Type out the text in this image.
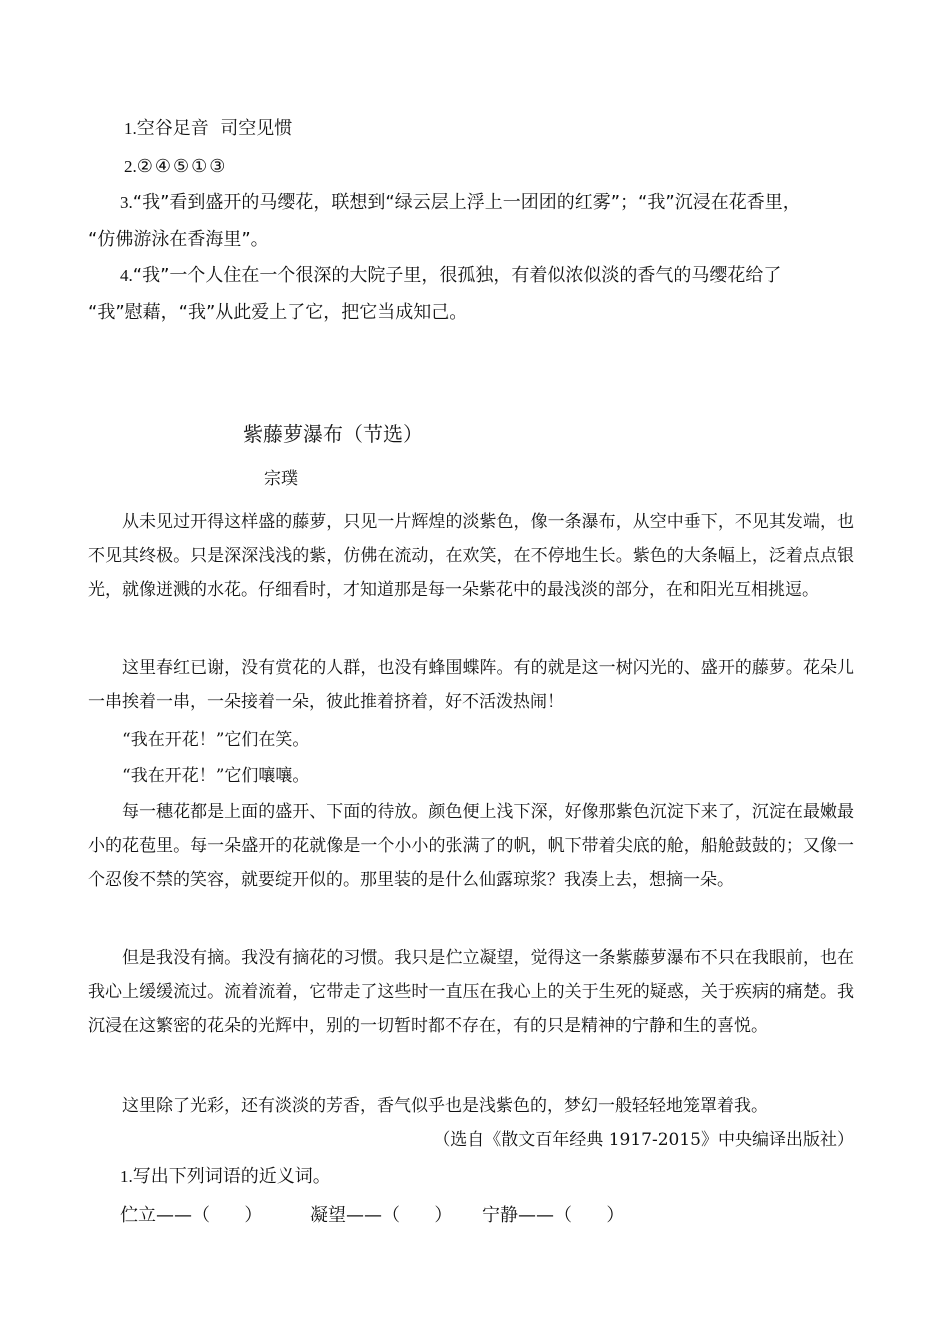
1.空谷足音  司空见惯
2.②④⑤①③
3.“我”看到盛开的马缨花，联想到“绿云层上浮上一团团的红雾”；“我”沉浸在花香里，
“仿佛游泳在香海里”。
4.“我”一个人住在一个很深的大院子里，很孤独，有着似浓似淡的香气的马缨花给了
“我”慰藉，“我”从此爱上了它，把它当成知己。
紫藤萝瀑布（节选）
宗璞

从未见过开得这样盛的藤萝，只见一片辉煌的淡紫色，像一条瀑布，从空中垂下，不见其发端，也不见其终极。只是深深浅浅的紫，仿佛在流动，在欢笑，在不停地生长。紫色的大条幅上，泛着点点银光，就像迸溅的水花。仔细看时，才知道那是每一朵紫花中的最浅淡的部分，在和阳光互相挑逗。

这里春红已谢，没有赏花的人群，也没有蜂围蝶阵。有的就是这一树闪光的、盛开的藤萝。花朵儿一串挨着一串，一朵接着一朵，彼此推着挤着，好不活泼热闹！

“我在开花！”它们在笑。

“我在开花！”它们嚷嚷。

每一穗花都是上面的盛开、下面的待放。颜色便上浅下深，好像那紫色沉淀下来了，沉淀在最嫩最小的花苞里。每一朵盛开的花就像是一个小小的张满了的帆，帆下带着尖底的舱，船舱鼓鼓的；又像一个忍俊不禁的笑容，就要绽开似的。那里装的是什么仙露琼浆？我凑上去，想摘一朵。

但是我没有摘。我没有摘花的习惯。我只是伫立凝望，觉得这一条紫藤萝瀑布不只在我眼前，也在我心上缓缓流过。流着流着，它带走了这些时一直压在我心上的关于生死的疑惑，关于疾病的痛楚。我沉浸在这繁密的花朵的光辉中，别的一切暂时都不存在，有的只是精神的宁静和生的喜悦。

这里除了光彩，还有淡淡的芳香，香气似乎也是浅紫色的，梦幻一般轻轻地笼罩着我。

（选自《散文百年经典 1917-2015》中央编译出版社）
1.写出下列词语的近义词。
伫立——（      ）	凝望——（      ） 宁静——（      ）
